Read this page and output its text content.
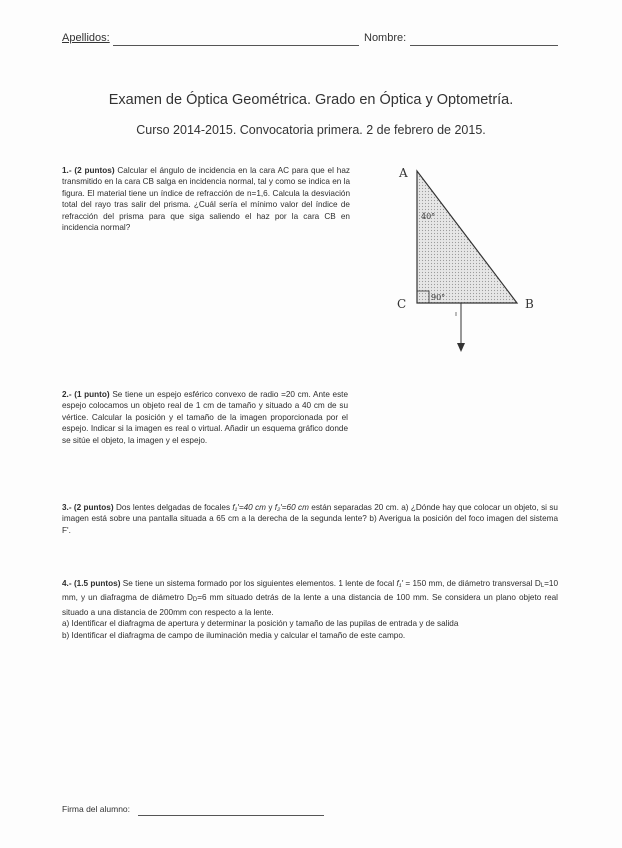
Apellidos:	Nombre:
Examen de Óptica Geométrica. Grado en Óptica y Optometría.
Curso 2014-2015. Convocatoria primera. 2 de febrero de 2015.
1.- (2 puntos) Calcular el ángulo de incidencia en la cara AC para que el haz transmitido en la cara CB salga en incidencia normal, tal y como se indica en la figura. El material tiene un índice de refracción de n=1,6. Calcula la desviación total del rayo tras salir del prisma. ¿Cuál sería el mínimo valor del índice de refracción del prisma para que siga saliendo el haz por la cara CB en incidencia normal?
A
C	B
40°
90°
2.- (1 punto) Se tiene un espejo esférico convexo de radio =20 cm. Ante este espejo colocamos un objeto real de 1 cm de tamaño y situado a 40 cm de su vértice. Calcular la posición y el tamaño de la imagen proporcionada por el espejo. Indicar si la imagen es real o virtual. Añadir un esquema gráfico donde se sitúe el objeto, la imagen y el espejo.
3.- (2 puntos) Dos lentes delgadas de focales f₁'=40 cm y f₂'=60 cm están separadas 20 cm. a) ¿Dónde hay que colocar un objeto, si su imagen está sobre una pantalla situada a 65 cm a la derecha de la segunda lente? b) Averigua la posición del foco imagen del sistema F'.
4.- (1.5 puntos) Se tiene un sistema formado por los siguientes elementos. 1 lente de focal f₁' = 150 mm, de diámetro transversal DL=10 mm, y un diafragma de diámetro DD=6 mm situado detrás de la lente a una distancia de 100 mm. Se considera un plano objeto real situado a una distancia de 200mm con respecto a la lente.
a) Identificar el diafragma de apertura y determinar la posición y tamaño de las pupilas de entrada y de salida
b) Identificar el diafragma de campo de iluminación media y calcular el tamaño de este campo.
Firma del alumno:
